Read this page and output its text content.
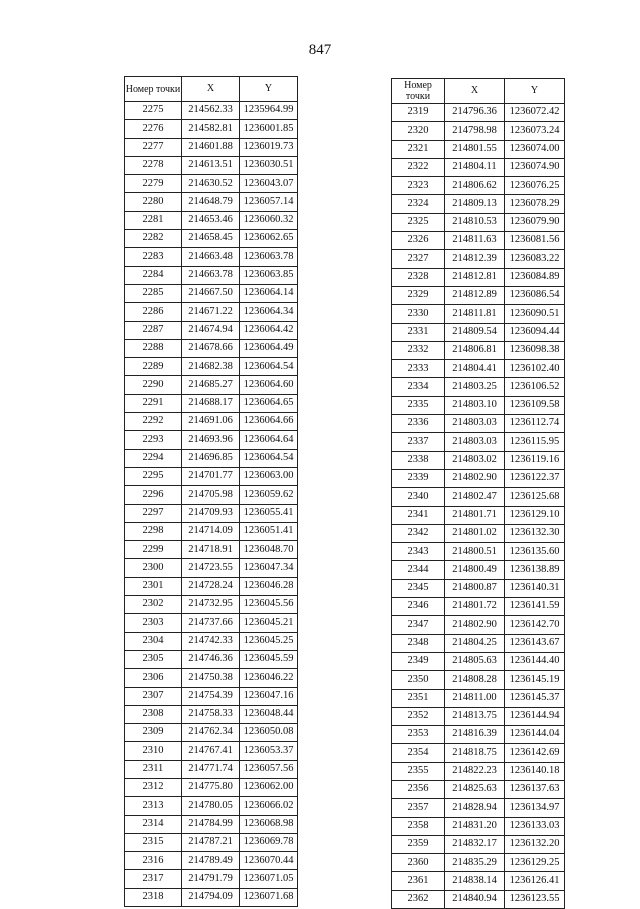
847
Номер точки	X	Y
2275	214562.33	1235964.99
2276	214582.81	1236001.85
2277	214601.88	1236019.73
2278	214613.51	1236030.51
2279	214630.52	1236043.07
2280	214648.79	1236057.14
2281	214653.46	1236060.32
2282	214658.45	1236062.65
2283	214663.48	1236063.78
2284	214663.78	1236063.85
2285	214667.50	1236064.14
2286	214671.22	1236064.34
2287	214674.94	1236064.42
2288	214678.66	1236064.49
2289	214682.38	1236064.54
2290	214685.27	1236064.60
2291	214688.17	1236064.65
2292	214691.06	1236064.66
2293	214693.96	1236064.64
2294	214696.85	1236064.54
2295	214701.77	1236063.00
2296	214705.98	1236059.62
2297	214709.93	1236055.41
2298	214714.09	1236051.41
2299	214718.91	1236048.70
2300	214723.55	1236047.34
2301	214728.24	1236046.28
2302	214732.95	1236045.56
2303	214737.66	1236045.21
2304	214742.33	1236045.25
2305	214746.36	1236045.59
2306	214750.38	1236046.22
2307	214754.39	1236047.16
2308	214758.33	1236048.44
2309	214762.34	1236050.08
2310	214767.41	1236053.37
2311	214771.74	1236057.56
2312	214775.80	1236062.00
2313	214780.05	1236066.02
2314	214784.99	1236068.98
2315	214787.21	1236069.78
2316	214789.49	1236070.44
2317	214791.79	1236071.05
2318	214794.09	1236071.68
Номер точки	X	Y
2319	214796.36	1236072.42
2320	214798.98	1236073.24
2321	214801.55	1236074.00
2322	214804.11	1236074.90
2323	214806.62	1236076.25
2324	214809.13	1236078.29
2325	214810.53	1236079.90
2326	214811.63	1236081.56
2327	214812.39	1236083.22
2328	214812.81	1236084.89
2329	214812.89	1236086.54
2330	214811.81	1236090.51
2331	214809.54	1236094.44
2332	214806.81	1236098.38
2333	214804.41	1236102.40
2334	214803.25	1236106.52
2335	214803.10	1236109.58
2336	214803.03	1236112.74
2337	214803.03	1236115.95
2338	214803.02	1236119.16
2339	214802.90	1236122.37
2340	214802.47	1236125.68
2341	214801.71	1236129.10
2342	214801.02	1236132.30
2343	214800.51	1236135.60
2344	214800.49	1236138.89
2345	214800.87	1236140.31
2346	214801.72	1236141.59
2347	214802.90	1236142.70
2348	214804.25	1236143.67
2349	214805.63	1236144.40
2350	214808.28	1236145.19
2351	214811.00	1236145.37
2352	214813.75	1236144.94
2353	214816.39	1236144.04
2354	214818.75	1236142.69
2355	214822.23	1236140.18
2356	214825.63	1236137.63
2357	214828.94	1236134.97
2358	214831.20	1236133.03
2359	214832.17	1236132.20
2360	214835.29	1236129.25
2361	214838.14	1236126.41
2362	214840.94	1236123.55
